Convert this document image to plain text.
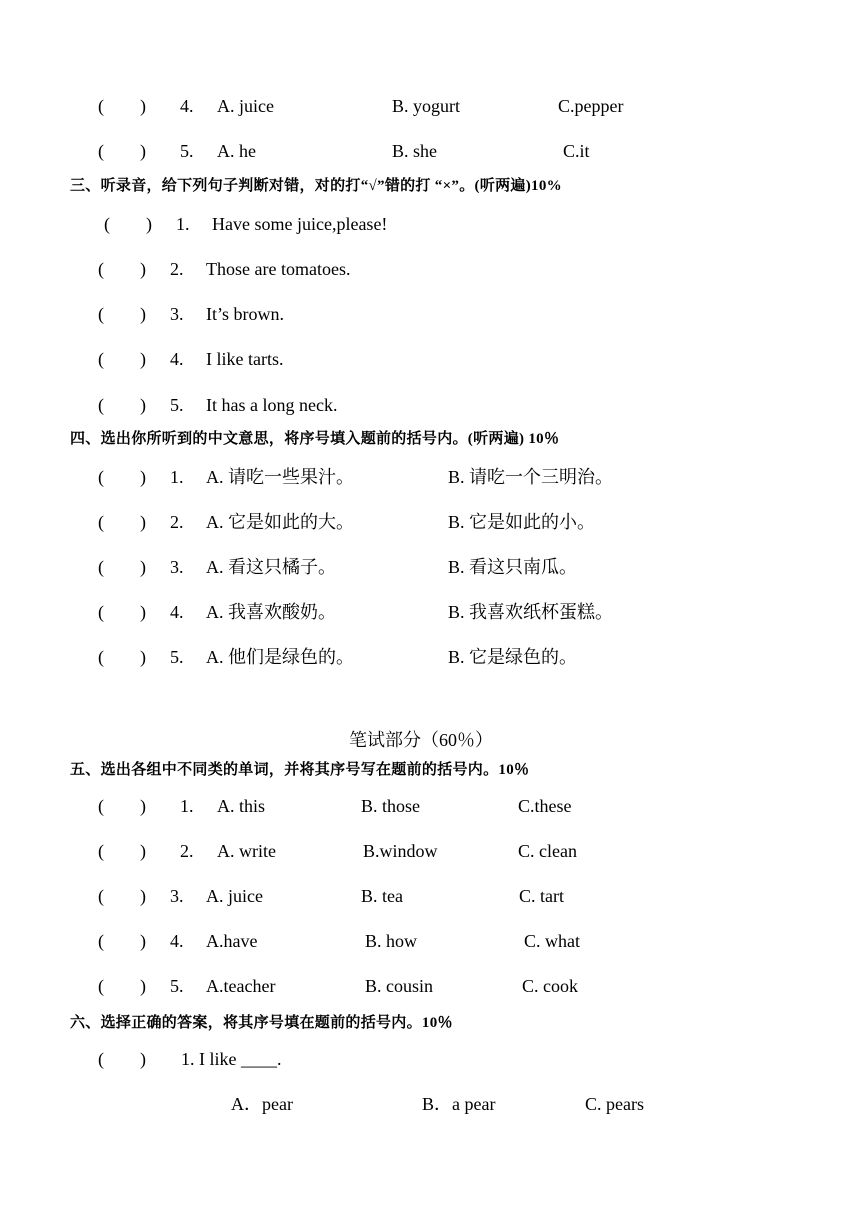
(　　) 4. A. juice	B. yogurt	C.pepper
(　　) 5. A. he	B. she	C.it
三、听录音，给下列句子判断对错，对的打“√”错的打 “×”。(听两遍)10%
(　　) 1. Have some juice,please!
(　　) 2. Those are tomatoes.
(　　) 3. It’s brown.
(　　) 4. I like tarts.
(　　) 5. It has a long neck.
四、选出你所听到的中文意思，将序号填入题前的括号内。(听两遍) 10％
(　　) 1. A. 请吃一些果汁。	B. 请吃一个三明治。
(　　) 2. A. 它是如此的大。	B. 它是如此的小。
(　　) 3. A. 看这只橘子。	B. 看这只南瓜。
(　　) 4. A. 我喜欢酸奶。	B. 我喜欢纸杯蛋糕。
(　　) 5. A. 他们是绿色的。	B. 它是绿色的。
笔试部分（60％）
五、选出各组中不同类的单词，并将其序号写在题前的括号内。10％
(　　) 1. A. this	B. those	C.these
(　　) 2. A. write	B.window	C. clean
(　　) 3. A. juice	B. tea	C. tart
(　　) 4. A.have	B. how	C. what
(　　) 5. A.teacher	B. cousin	C. cook
六、选择正确的答案，将其序号填在题前的括号内。10％
(　　) 1. I like ____.
A．pear	B．a pear	C. pears
